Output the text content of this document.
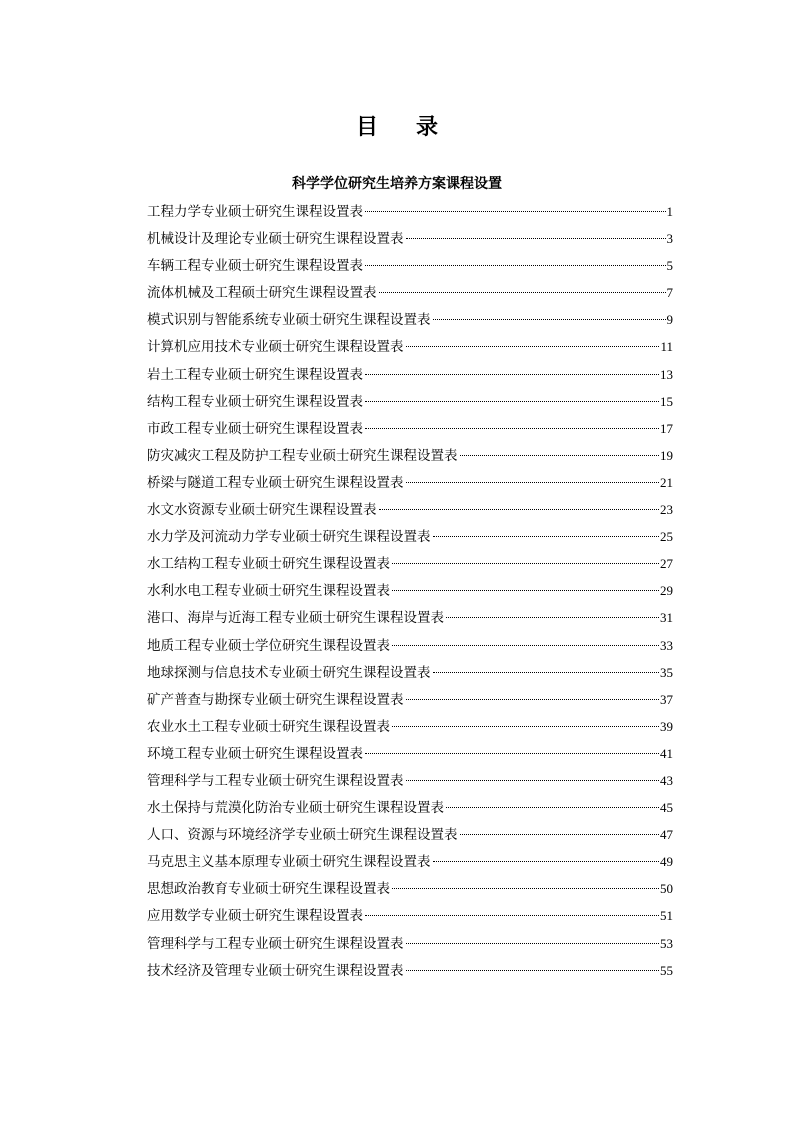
目录
科学学位研究生培养方案课程设置
工程力学专业硕士研究生课程设置表	1
机械设计及理论专业硕士研究生课程设置表	3
车辆工程专业硕士研究生课程设置表	5
流体机械及工程硕士研究生课程设置表	7
模式识别与智能系统专业硕士研究生课程设置表	9
计算机应用技术专业硕士研究生课程设置表	11
岩土工程专业硕士研究生课程设置表	13
结构工程专业硕士研究生课程设置表	15
市政工程专业硕士研究生课程设置表	17
防灾减灾工程及防护工程专业硕士研究生课程设置表	19
桥梁与隧道工程专业硕士研究生课程设置表	21
水文水资源专业硕士研究生课程设置表	23
水力学及河流动力学专业硕士研究生课程设置表	25
水工结构工程专业硕士研究生课程设置表	27
水利水电工程专业硕士研究生课程设置表	29
港口、海岸与近海工程专业硕士研究生课程设置表	31
地质工程专业硕士学位研究生课程设置表	33
地球探测与信息技术专业硕士研究生课程设置表	35
矿产普查与勘探专业硕士研究生课程设置表	37
农业水土工程专业硕士研究生课程设置表	39
环境工程专业硕士研究生课程设置表	41
管理科学与工程专业硕士研究生课程设置表	43
水土保持与荒漠化防治专业硕士研究生课程设置表	45
人口、资源与环境经济学专业硕士研究生课程设置表	47
马克思主义基本原理专业硕士研究生课程设置表	49
思想政治教育专业硕士研究生课程设置表	50
应用数学专业硕士研究生课程设置表	51
管理科学与工程专业硕士研究生课程设置表	53
技术经济及管理专业硕士研究生课程设置表	55
